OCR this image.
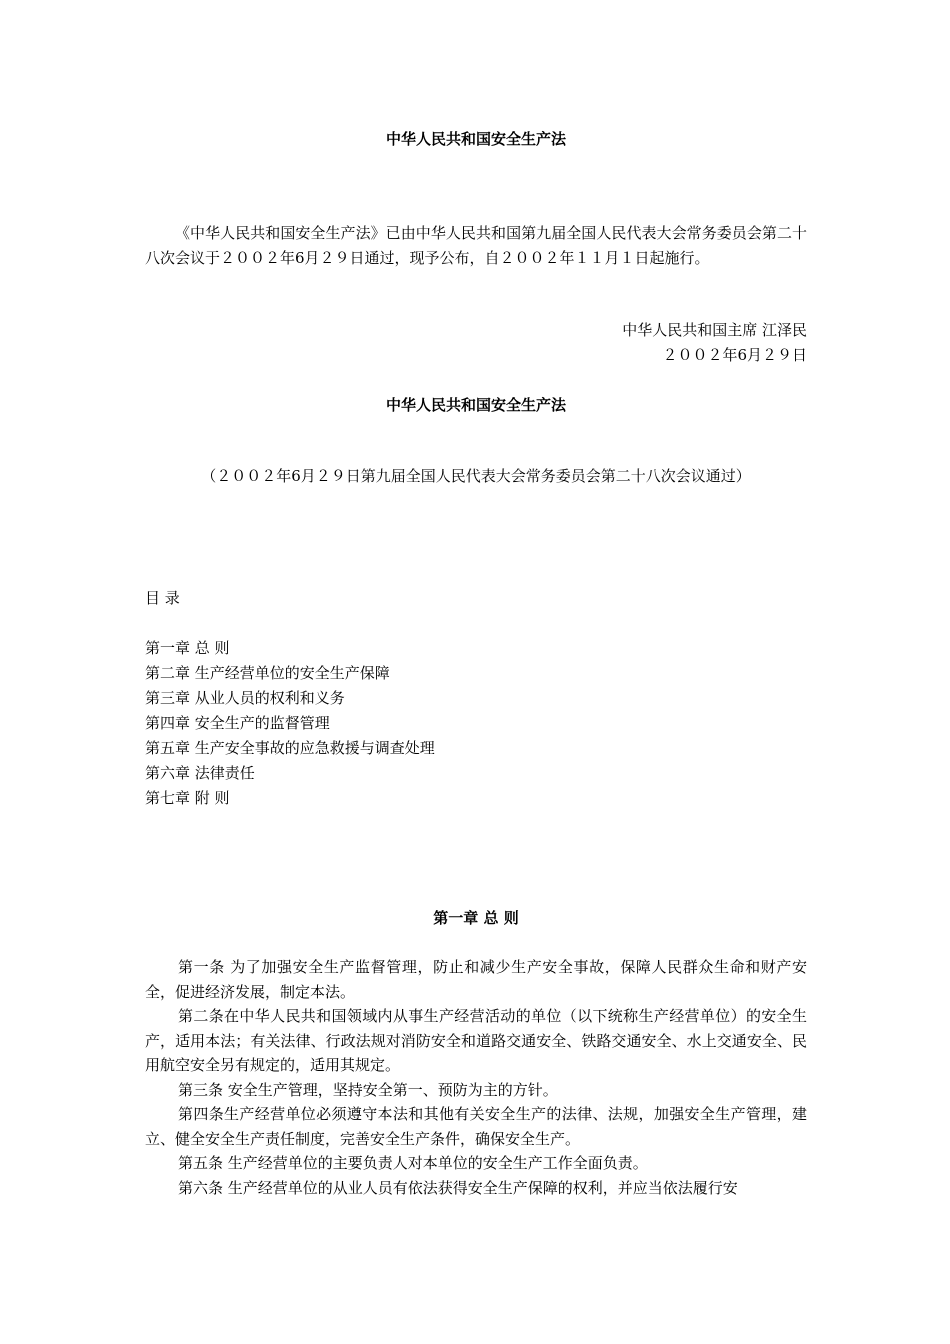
中华人民共和国安全生产法

《中华人民共和国安全生产法》已由中华人民共和国第九届全国人民代表大会常务委员会第二十八次会议于２００２年6月２９日通过，现予公布，自２００２年１１月１日起施行。

中华人民共和国主席 江泽民
２００２年6月２９日
中华人民共和国安全生产法
（２００２年6月２９日第九届全国人民代表大会常务委员会第二十八次会议通过）
目 录
第一章 总 则
第二章 生产经营单位的安全生产保障
第三章 从业人员的权利和义务
第四章 安全生产的监督管理
第五章 生产安全事故的应急救援与调查处理
第六章 法律责任
第七章 附 则
第一章 总 则

第一条 为了加强安全生产监督管理，防止和减少生产安全事故，保障人民群众生命和财产安全，促进经济发展，制定本法。

第二条在中华人民共和国领域内从事生产经营活动的单位（以下统称生产经营单位）的安全生产，适用本法；有关法律、行政法规对消防安全和道路交通安全、铁路交通安全、水上交通安全、民用航空安全另有规定的，适用其规定。

第三条 安全生产管理，坚持安全第一、预防为主的方针。

第四条生产经营单位必须遵守本法和其他有关安全生产的法律、法规，加强安全生产管理，建立、健全安全生产责任制度，完善安全生产条件，确保安全生产。

第五条 生产经营单位的主要负责人对本单位的安全生产工作全面负责。

第六条 生产经营单位的从业人员有依法获得安全生产保障的权利，并应当依法履行安
